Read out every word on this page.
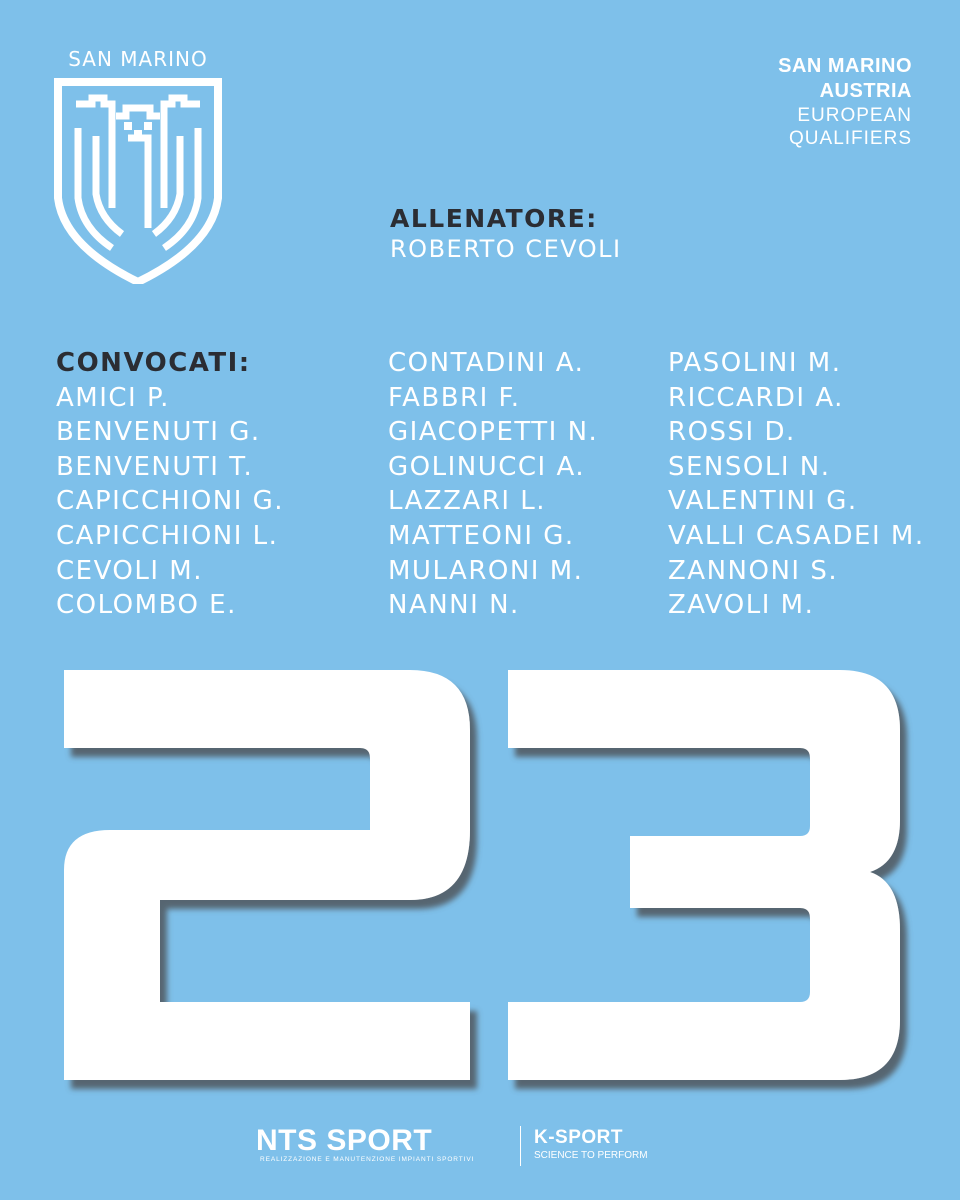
SAN MARINO	SAN MARINO
AUSTRIA
EUROPEAN
QUALIFIERS
ALLENATORE:
ROBERTO CEVOLI
CONVOCATI:
AMICI P.
BENVENUTI G.
BENVENUTI T.
CAPICCHIONI G.
CAPICCHIONI L.
CEVOLI M.
COLOMBO E.
CONTADINI A.
FABBRI F.
GIACOPETTI N.
GOLINUCCI A.
LAZZARI L.
MATTEONI G.
MULARONI M.
NANNI N.
PASOLINI M.
RICCARDI A.
ROSSI D.
SENSOLI N.
VALENTINI G.
VALLI CASADEI M.
ZANNONI S.
ZAVOLI M.
23
NTS SPORT
REALIZZAZIONE E MANUTENZIONE IMPIANTI SPORTIVI
K-SPORT
SCIENCE TO PERFORM
